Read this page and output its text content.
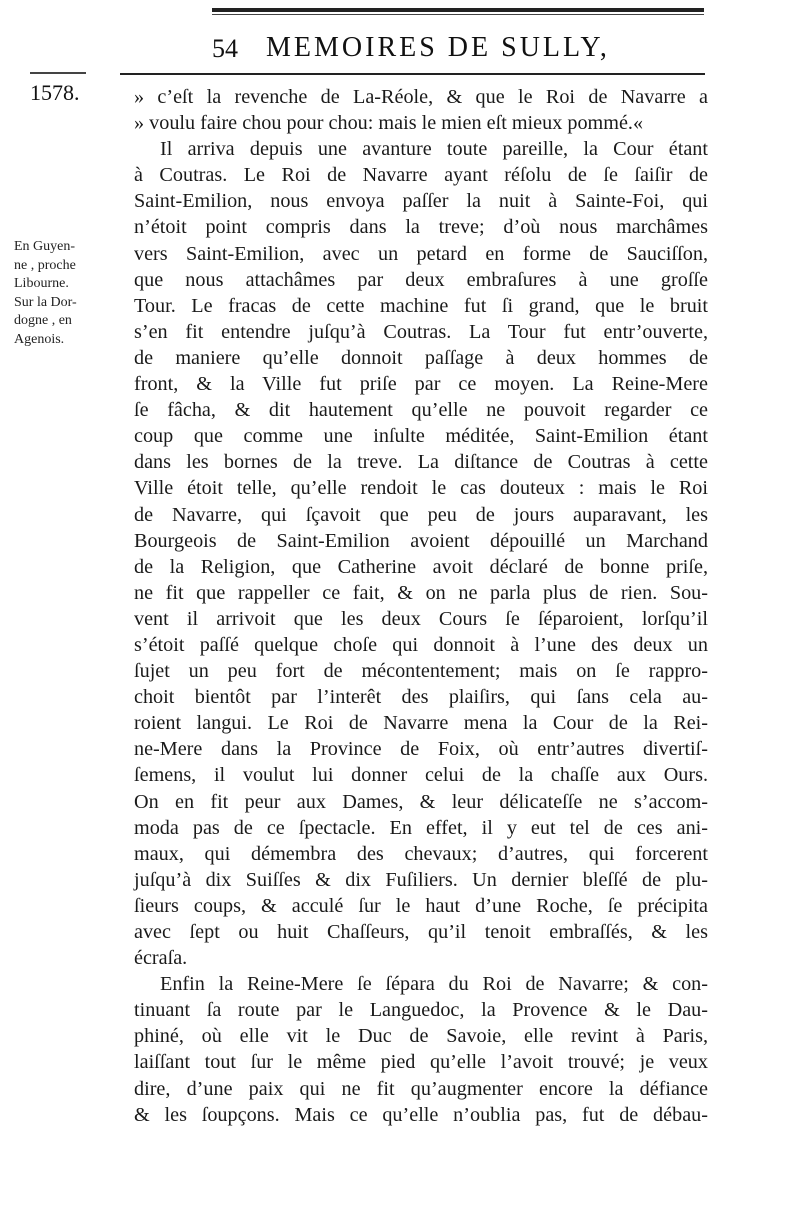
54 MEMOIRES DE SULLY,
1578.
En Guyen-
ne , proche
Libourne.
Sur la Dor-
dogne , en
Agenois.
» c’eſt la revenche de La-Réole, & que le Roi de Navarre a
» voulu faire chou pour chou: mais le mien eſt mieux pommé.«
Il arriva depuis une avanture toute pareille, la Cour étant
à Coutras. Le Roi de Navarre ayant réſolu de ſe ſaiſir de
Saint-Emilion, nous envoya paſſer la nuit à Sainte-Foi, qui
n’étoit point compris dans la treve; d’où nous marchâmes
vers Saint-Emilion, avec un petard en forme de Sauciſſon,
que nous attachâmes par deux embraſures à une groſſe
Tour. Le fracas de cette machine fut ſi grand, que le bruit
s’en fit entendre juſqu’à Coutras. La Tour fut entr’ouverte,
de maniere qu’elle donnoit paſſage à deux hommes de
front, & la Ville fut priſe par ce moyen. La Reine-Mere
ſe fâcha, & dit hautement qu’elle ne pouvoit regarder ce
coup que comme une inſulte méditée, Saint-Emilion étant
dans les bornes de la treve. La diſtance de Coutras à cette
Ville étoit telle, qu’elle rendoit le cas douteux : mais le Roi
de Navarre, qui ſçavoit que peu de jours auparavant, les
Bourgeois de Saint-Emilion avoient dépouillé un Marchand
de la Religion, que Catherine avoit déclaré de bonne priſe,
ne fit que rappeller ce fait, & on ne parla plus de rien. Sou-
vent il arrivoit que les deux Cours ſe ſéparoient, lorſqu’il
s’étoit paſſé quelque choſe qui donnoit à l’une des deux un
ſujet un peu fort de mécontentement; mais on ſe rappro-
choit bientôt par l’interêt des plaiſirs, qui ſans cela au-
roient langui. Le Roi de Navarre mena la Cour de la Rei-
ne-Mere dans la Province de Foix, où entr’autres divertiſ-
ſemens, il voulut lui donner celui de la chaſſe aux Ours.
On en fit peur aux Dames, & leur délicateſſe ne s’accom-
moda pas de ce ſpectacle. En effet, il y eut tel de ces ani-
maux, qui démembra des chevaux; d’autres, qui forcerent
juſqu’à dix Suiſſes & dix Fuſiliers. Un dernier bleſſé de plu-
ſieurs coups, & acculé ſur le haut d’une Roche, ſe précipita
avec ſept ou huit Chaſſeurs, qu’il tenoit embraſſés, & les
écraſa.
Enfin la Reine-Mere ſe ſépara du Roi de Navarre; & con-
tinuant ſa route par le Languedoc, la Provence & le Dau-
phiné, où elle vit le Duc de Savoie, elle revint à Paris,
laiſſant tout ſur le même pied qu’elle l’avoit trouvé; je veux
dire, d’une paix qui ne fit qu’augmenter encore la défiance
& les ſoupçons. Mais ce qu’elle n’oublia pas, fut de débau-
